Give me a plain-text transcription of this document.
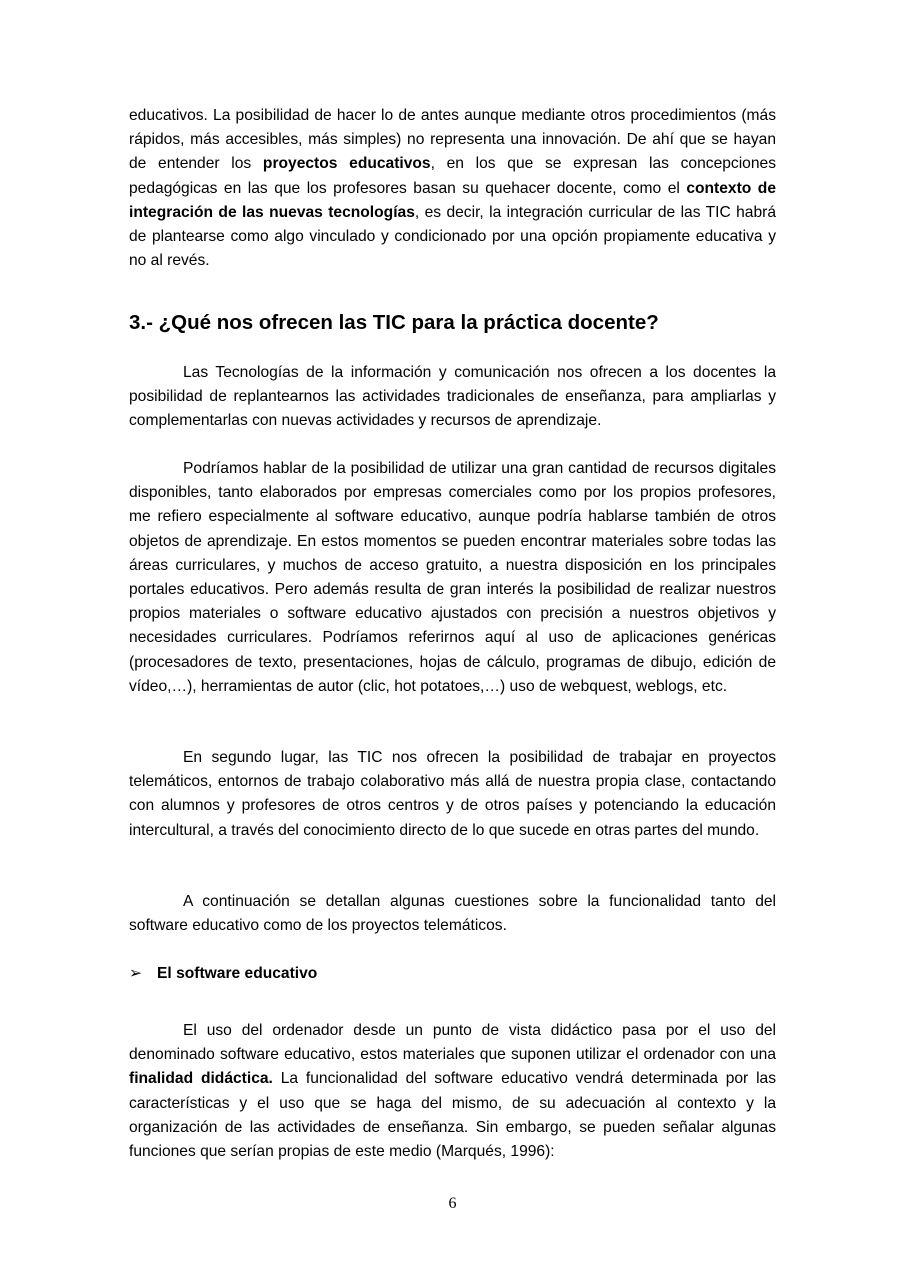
educativos. La posibilidad de hacer lo de antes aunque mediante otros procedimientos (más rápidos, más accesibles, más simples) no representa una innovación. De ahí que se hayan de entender los proyectos educativos, en los que se expresan las concepciones pedagógicas en las que los profesores basan su quehacer docente, como el contexto de integración de las nuevas tecnologías, es decir, la integración curricular de las TIC habrá de plantearse como algo vinculado y condicionado por una opción propiamente educativa y no al revés.

3.- ¿Qué nos ofrecen las TIC para la práctica docente?

Las Tecnologías de la información y comunicación nos ofrecen a los docentes la posibilidad de replantearnos las actividades tradicionales de enseñanza, para ampliarlas y complementarlas con nuevas actividades y recursos de aprendizaje.

Podríamos hablar de la posibilidad de utilizar una gran cantidad de recursos digitales disponibles, tanto elaborados por empresas comerciales como por los propios profesores, me refiero especialmente al software educativo, aunque podría hablarse también de otros objetos de aprendizaje. En estos momentos se pueden encontrar materiales sobre todas las áreas curriculares, y muchos de acceso gratuito, a nuestra disposición en los principales portales educativos. Pero además resulta de gran interés la posibilidad de realizar nuestros propios materiales o software educativo ajustados con precisión a nuestros objetivos y necesidades curriculares. Podríamos referirnos aquí al uso de aplicaciones genéricas (procesadores de texto, presentaciones, hojas de cálculo, programas de dibujo, edición de vídeo,…), herramientas de autor (clic, hot potatoes,…) uso de webquest, weblogs, etc.

En segundo lugar, las TIC nos ofrecen la posibilidad de trabajar en proyectos telemáticos, entornos de trabajo colaborativo más allá de nuestra propia clase, contactando con alumnos y profesores de otros centros y de otros países y potenciando la educación intercultural, a través del conocimiento directo de lo que sucede en otras partes del mundo.

A continuación se detallan algunas cuestiones sobre la funcionalidad tanto del software educativo como de los proyectos telemáticos.

➢ El software educativo

El uso del ordenador desde un punto de vista didáctico pasa por el uso del denominado software educativo, estos materiales que suponen utilizar el ordenador con una finalidad didáctica. La funcionalidad del software educativo vendrá determinada por las características y el uso que se haga del mismo, de su adecuación al contexto y la organización de las actividades de enseñanza. Sin embargo, se pueden señalar algunas funciones que serían propias de este medio (Marqués, 1996):

6
